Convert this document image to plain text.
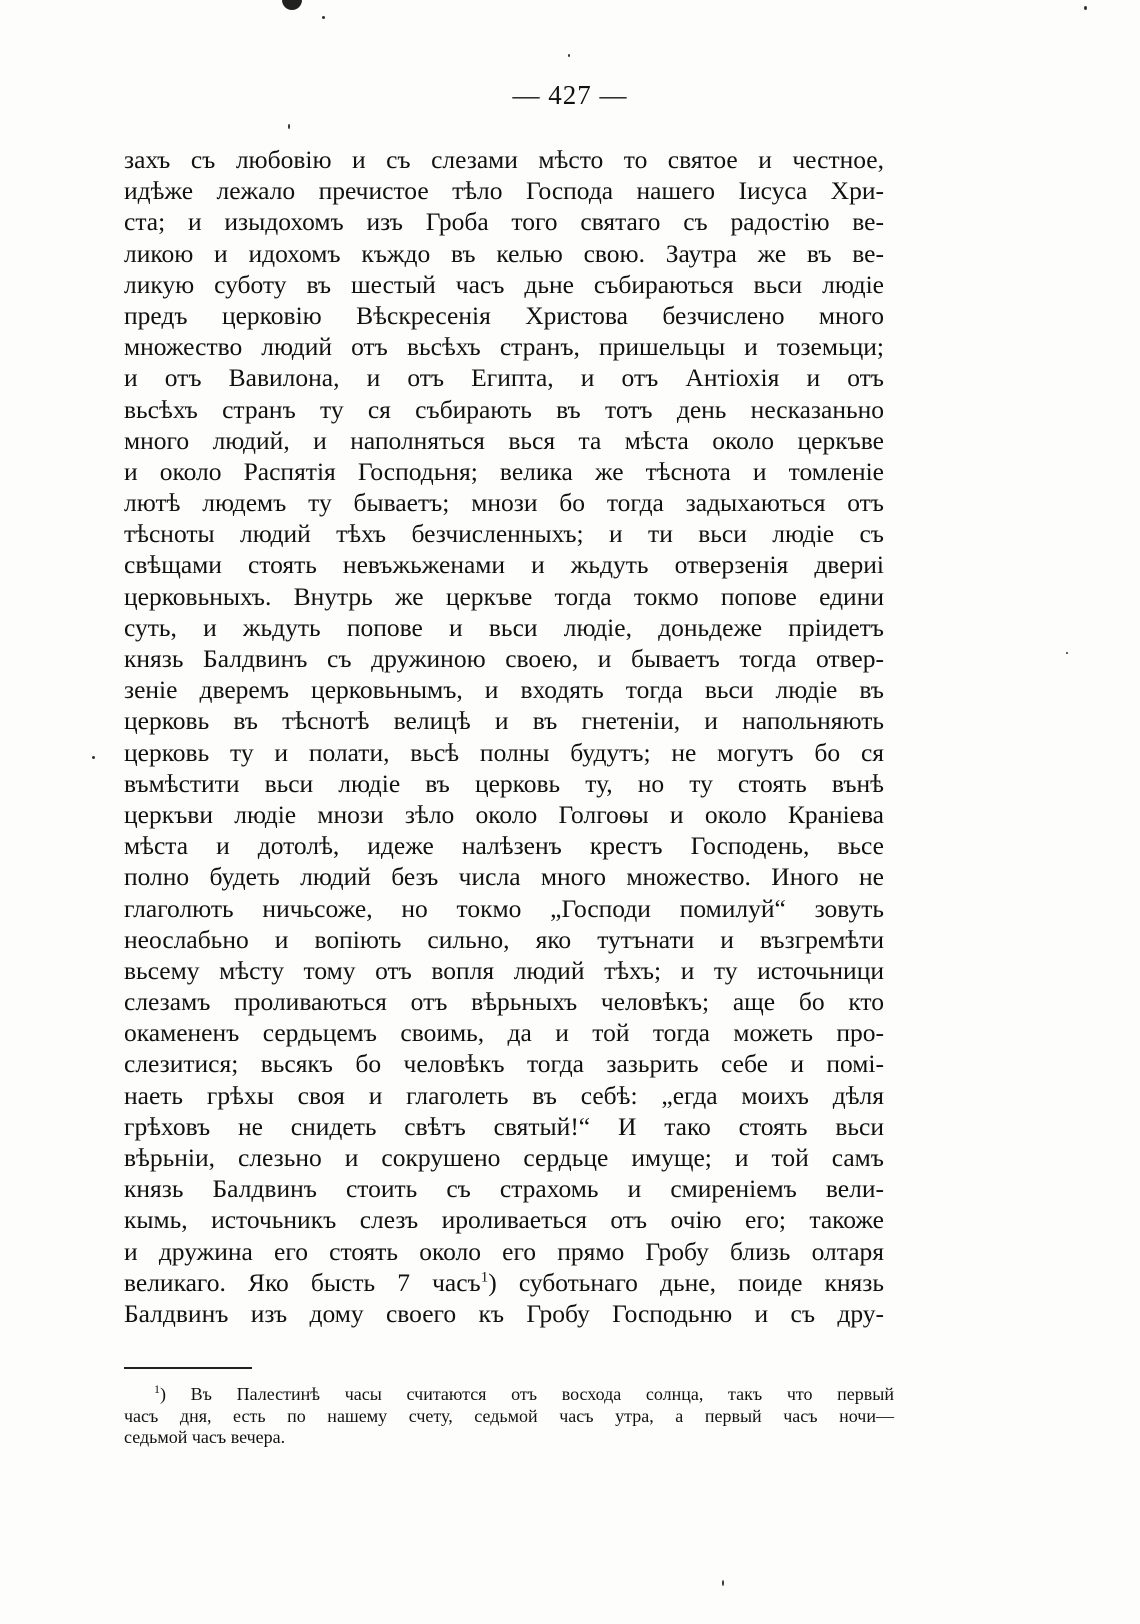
— 427 —
захъ съ любовію и съ слезами мѣсто то святое и честное,
идѣже лежало пречистое тѣло Господа нашего Іисуса Хри-
ста; и изыдохомъ изъ Гроба того святаго съ радостію ве-
ликою и идохомъ къждо въ келью свою. Заутра же въ ве-
ликую суботу въ шестый часъ дьне събираються вьси людіе
предъ церковію Вѣскресенія Христова безчислено много
множество людий отъ вьсѣхъ странъ, пришельцы и тоземьци;
и отъ Вавилона, и отъ Египта, и отъ Антіохія и отъ
вьсѣхъ странъ ту ся събирають въ тотъ день несказаньно
много людий, и наполняться вься та мѣста около церкъве
и около Распятія Господьня; велика же тѣснота и томленіе
лютѣ людемъ ту бываетъ; мнози бо тогда задыхаються отъ
тѣсноты людий тѣхъ безчисленныхъ; и ти вьси людіе съ
свѣщами стоять невъжьженами и жьдуть отверзенія двериі
церковьныхъ. Внутрь же церкъве тогда токмо попове едини
суть, и жьдуть попове и вьси людіе, доньдеже пріидетъ
князь Балдвинъ съ дружиною своею, и бываетъ тогда отвер-
зеніе дверемъ церковьнымъ, и входять тогда вьси людіе въ
церковь въ тѣснотѣ велицѣ и въ гнетеніи, и напольняють
церковь ту и полати, вьсѣ полны будутъ; не могутъ бо ся
въмѣстити вьси людіе въ церковь ту, но ту стоять вънѣ
церкъви людіе мнози зѣло около Голгоѳы и около Краніева
мѣста и дотолѣ, идеже налѣзенъ крестъ Господень, вьсе
полно будеть людий безъ числа много множество. Иного не
глаголють ничьсоже, но токмо „Господи помилуй“ зовуть
неослабьно и вопіють сильно, яко тутънати и възгремѣти
вьсему мѣсту тому отъ вопля людий тѣхъ; и ту источьници
слезамъ проливаються отъ вѣрьныхъ человѣкъ; аще бо кто
окамененъ сердьцемъ своимь, да и той тогда можеть про-
слезитися; вьсякъ бо человѣкъ тогда зазьрить себе и помі-
наеть грѣхы своя и глаголеть въ себѣ: „егда моихъ дѣля
грѣховъ не снидеть свѣтъ святый!“ И тако стоять вьси
вѣрьніи, слезьно и сокрушено сердьце имуще; и той самъ
князь Балдвинъ стоить съ страхомь и смиреніемъ вели-
кымь, источьникъ слезъ ироливаеться отъ очію его; такоже
и дружина его стоять около его прямо Гробу близь олтаря
великаго. Яко бысть 7 часъ$^1$) суботьнаго дьне, поиде князь
Балдвинъ изъ дому своего къ Гробу Господьню и съ дру-
$^1$) Въ Палестинѣ часы считаются отъ восхода солнца, такъ что первый
часъ дня, есть по нашему счету, седьмой часъ утра, а первый часъ ночи—
седьмой часъ вечера.
